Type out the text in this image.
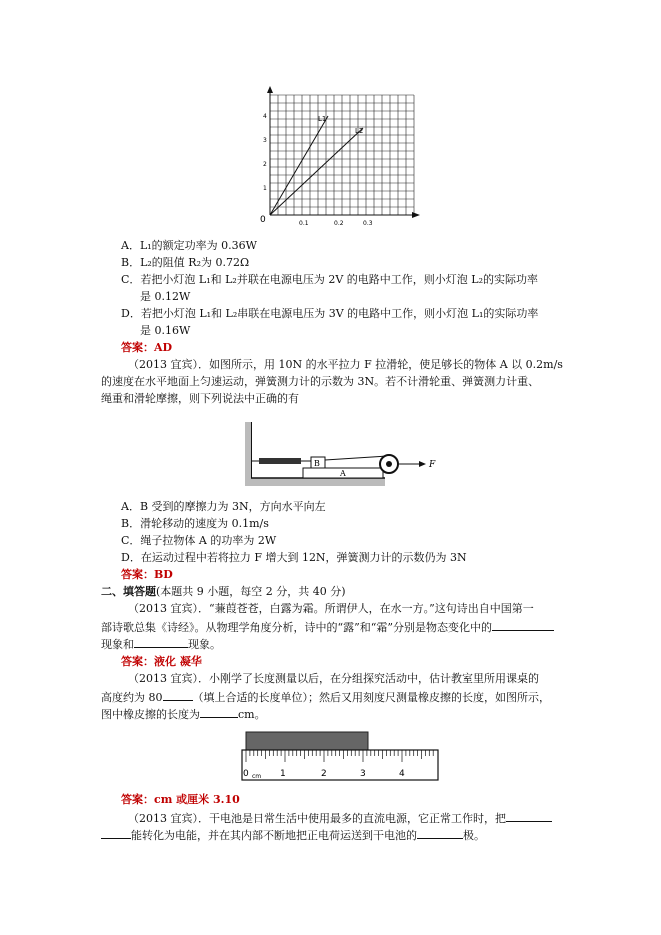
L1
L2
4
3
2
1
0	0.1	0.2	0.3
A．L₁的额定功率为 0.36W
B．L₂的阻值 R₂为 0.72Ω
C．若把小灯泡 L₁和 L₂并联在电源电压为 2V 的电路中工作，则小灯泡 L₂的实际功率
是 0.12W
D．若把小灯泡 L₁和 L₂串联在电源电压为 3V 的电路中工作，则小灯泡 L₁的实际功率
是 0.16W
答案：AD
（2013 宜宾）．如图所示，用 10N 的水平拉力 F 拉滑轮，使足够长的物体 A 以 0.2m/s
的速度在水平地面上匀速运动，弹簧测力计的示数为 3N。若不计滑轮重、弹簧测力计重、
绳重和滑轮摩擦，则下列说法中正确的有
A
B	F
A．B 受到的摩擦力为 3N，方向水平向左
B．滑轮移动的速度为 0.1m/s
C．绳子拉物体 A 的功率为 2W
D．在运动过程中若将拉力 F 增大到 12N，弹簧测力计的示数仍为 3N
答案：BD
二、填答题(本题共 9 小题，每空 2 分，共 40 分)
（2013 宜宾）．“蒹葭苍苍，白露为霜。所谓伊人，在水一方。”这句诗出自中国第一
部诗歌总集《诗经》。从物理学角度分析，诗中的“露”和“霜”分别是物态变化中的
现象和	现象。
答案：液化 凝华
（2013 宜宾）．小刚学了长度测量以后，在分组探究活动中，估计教室里所用课桌的
高度约为 80	（填上合适的长度单位）；然后又用刻度尺测量橡皮擦的长度，如图所示，
图中橡皮擦的长度为	cm。
0	1	2	3	4
cm
答案：cm 或厘米 3.10
（2013 宜宾）．干电池是日常生活中使用最多的直流电源，它正常工作时，把
能转化为电能，并在其内部不断地把正电荷运送到干电池的	极。
